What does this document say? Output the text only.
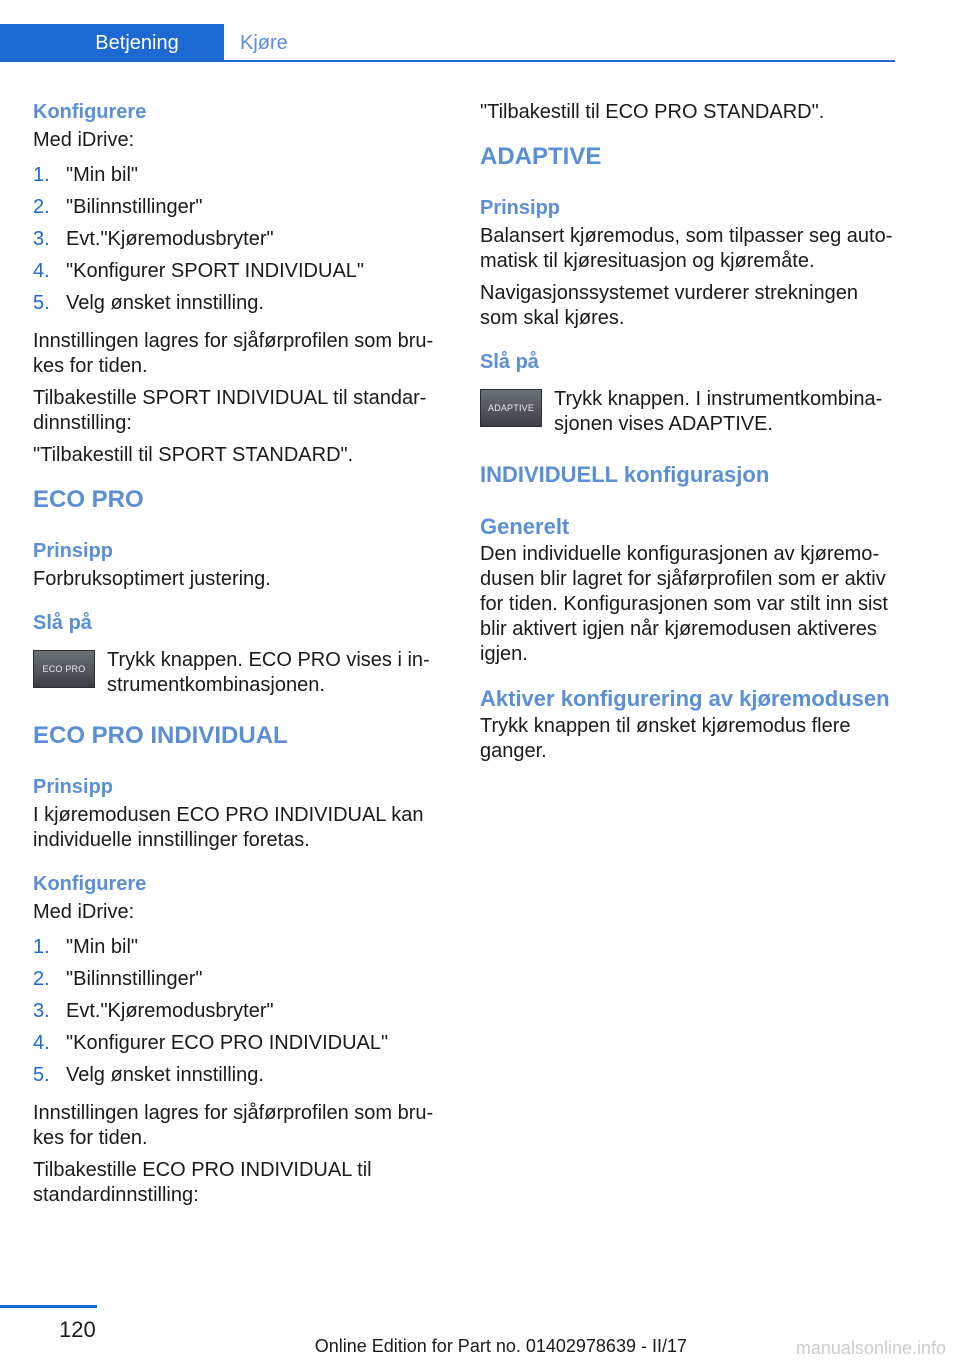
Betjening	Kjøre
Konfigurere
Med iDrive:
1. "Min bil"
2. "Bilinnstillinger"
3. Evt."Kjøremodusbryter"
4. "Konfigurer SPORT INDIVIDUAL"
5. Velg ønsket innstilling.
Innstillingen lagres for sjåførprofilen som brukes for tiden.
Tilbakestille SPORT INDIVIDUAL til standardinnstilling:
"Tilbakestill til SPORT STANDARD".
ECO PRO
Prinsipp
Forbruksoptimert justering.
Slå på
ECO PRO Trykk knappen. ECO PRO vises i instrumentkombinasjonen.
ECO PRO INDIVIDUAL
Prinsipp
I kjøremodusen ECO PRO INDIVIDUAL kan individuelle innstillinger foretas.
Konfigurere
Med iDrive:
1. "Min bil"
2. "Bilinnstillinger"
3. Evt."Kjøremodusbryter"
4. "Konfigurer ECO PRO INDIVIDUAL"
5. Velg ønsket innstilling.
Innstillingen lagres for sjåførprofilen som brukes for tiden.
Tilbakestille ECO PRO INDIVIDUAL til standardinnstilling:
"Tilbakestill til ECO PRO STANDARD".
ADAPTIVE
Prinsipp
Balansert kjøremodus, som tilpasser seg automatisk til kjøresituasjon og kjøremåte.
Navigasjonssystemet vurderer strekningen som skal kjøres.
Slå på
ADAPTIVE Trykk knappen. I instrumentkombinasjonen vises ADAPTIVE.
INDIVIDUELL konfigurasjon
Generelt
Den individuelle konfigurasjonen av kjøremodusen blir lagret for sjåførprofilen som er aktiv for tiden. Konfigurasjonen som var stilt inn sist blir aktivert igjen når kjøremodusen aktiveres igjen.
Aktiver konfigurering av kjøremodusen
Trykk knappen til ønsket kjøremodus flere ganger.
120
Online Edition for Part no. 01402978639 - II/17	manualsonline.info
